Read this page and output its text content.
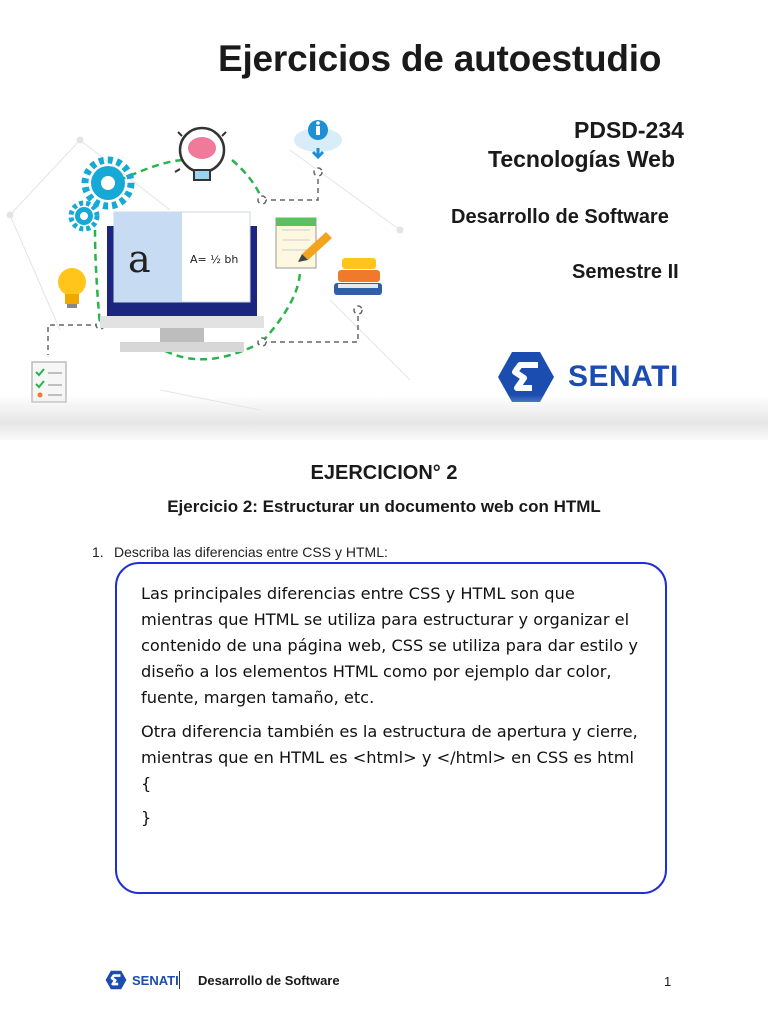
a	A= ½ bh
Ejercicios de autoestudio
PDSD-234
Tecnologías Web
Desarrollo de Software
Semestre II
SENATI
EJERCICION° 2
Ejercicio 2: Estructurar un documento web con HTML
1. Describa las diferencias entre CSS y HTML:

Las principales diferencias entre CSS y HTML son que mientras que HTML se utiliza para estructurar y organizar el contenido de una página web, CSS se utiliza para dar estilo y diseño a los elementos HTML como por ejemplo dar color, fuente, margen tamaño, etc.

Otra diferencia también es la estructura de apertura y cierre, mientras que en HTML es <html> y </html> en CSS es html {

}

SENATI Desarrollo de Software	1
